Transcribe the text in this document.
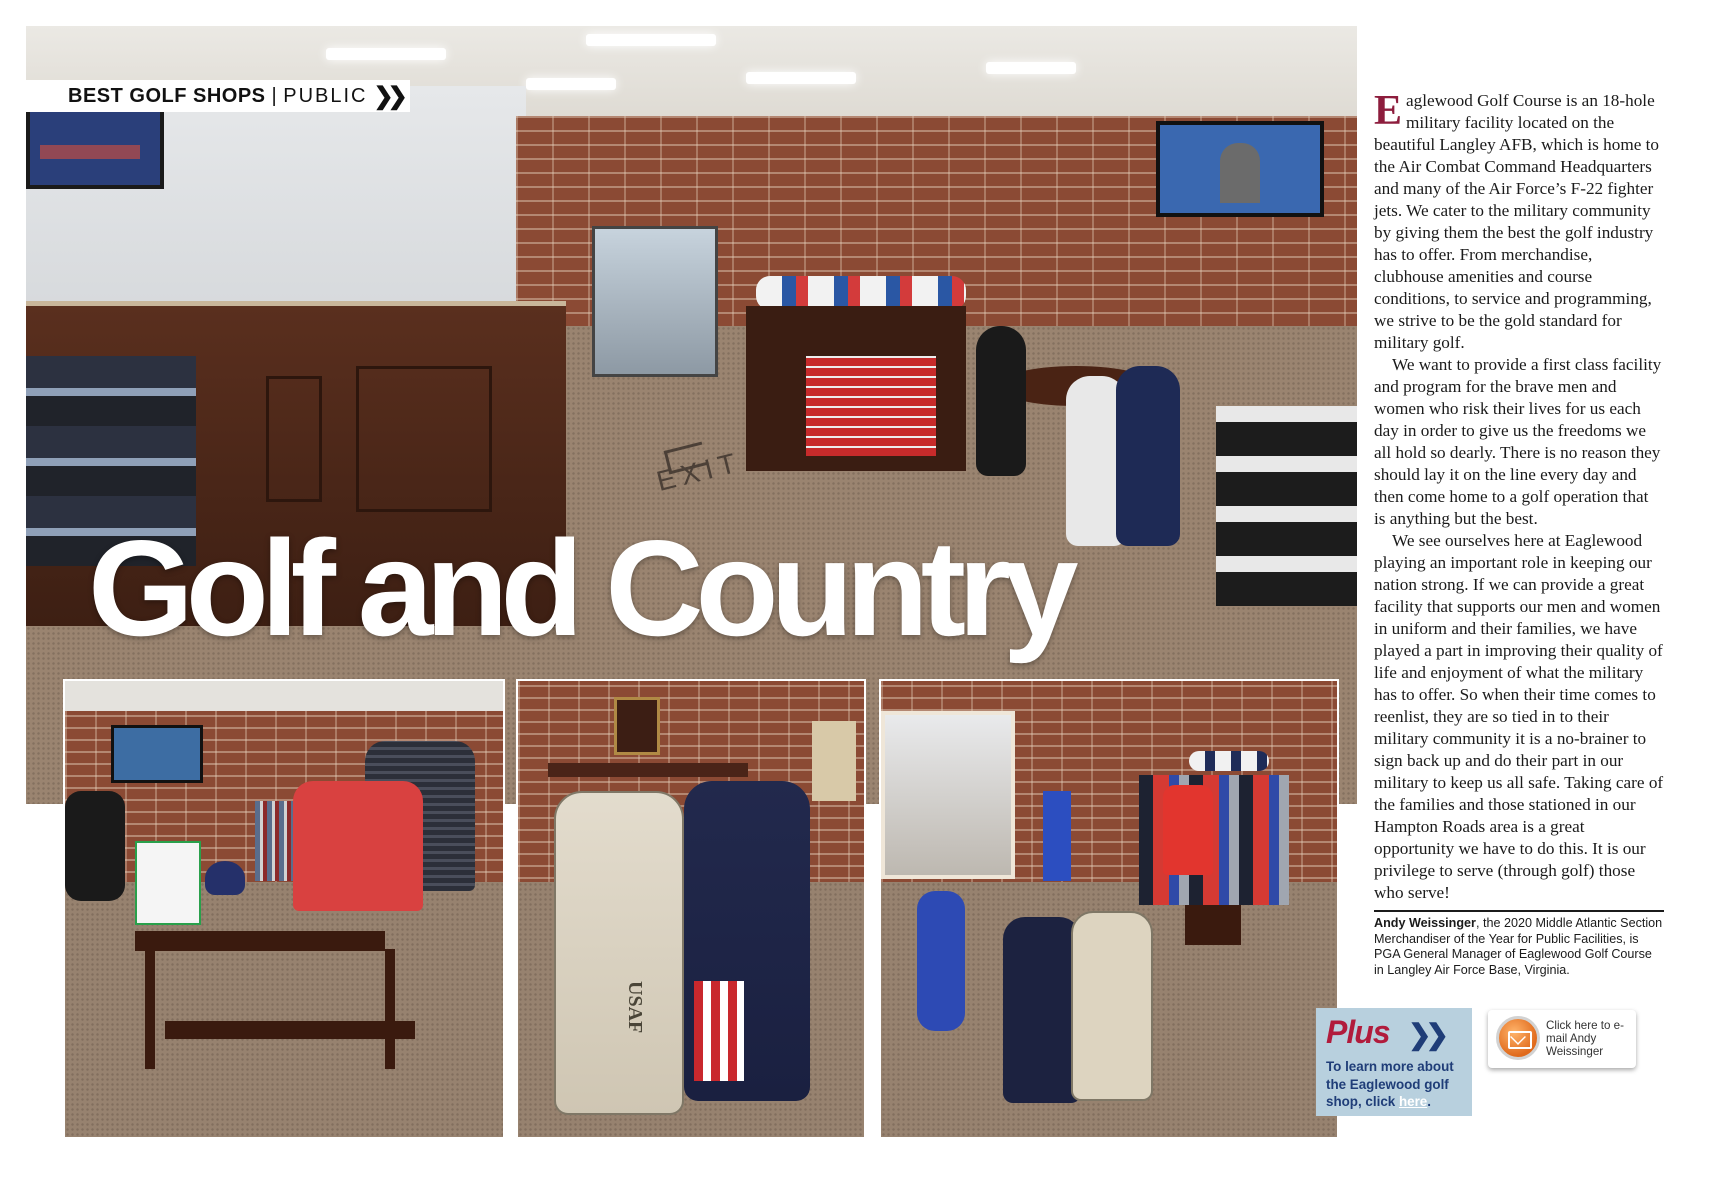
EXIT
BEST GOLF SHOPS | PUBLIC ❯❯
Golf and Country
USAF

Eaglewood Golf Course is an 18-hole military facility located on the beautiful Langley AFB, which is home to the Air Combat Command Headquarters and many of the Air Force’s F-22 fighter jets. We cater to the military community by giving them the best the golf industry has to offer. From merchandise, clubhouse amenities and course conditions, to service and programming, we strive to be the gold standard for military golf.

We want to provide a first class facility and program for the brave men and women who risk their lives for us each day in order to give us the freedoms we all hold so dearly. There is no reason they should lay it on the line every day and then come home to a golf operation that is anything but the best.

We see ourselves here at Eaglewood playing an important role in keeping our nation strong. If we can provide a great facility that supports our men and women in uniform and their families, we have played a part in improving their quality of life and enjoyment of what the military has to offer. So when their time comes to reenlist, they are so tied in to their military community it is a no-brainer to sign back up and do their part in our military to keep us all safe. Taking care of the families and those stationed in our Hampton Roads area is a great opportunity we have to do this. It is our privilege to serve (through golf) those who serve!

Andy Weissinger, the 2020 Middle Atlantic Section Merchandiser of the Year for Public Facilities, is PGA General Manager of Eaglewood Golf Course in Langley Air Force Base, Virginia.
Plus ❯❯
To learn more about the Eaglewood golf shop, click here.
Click here to e-mail Andy Weissinger
